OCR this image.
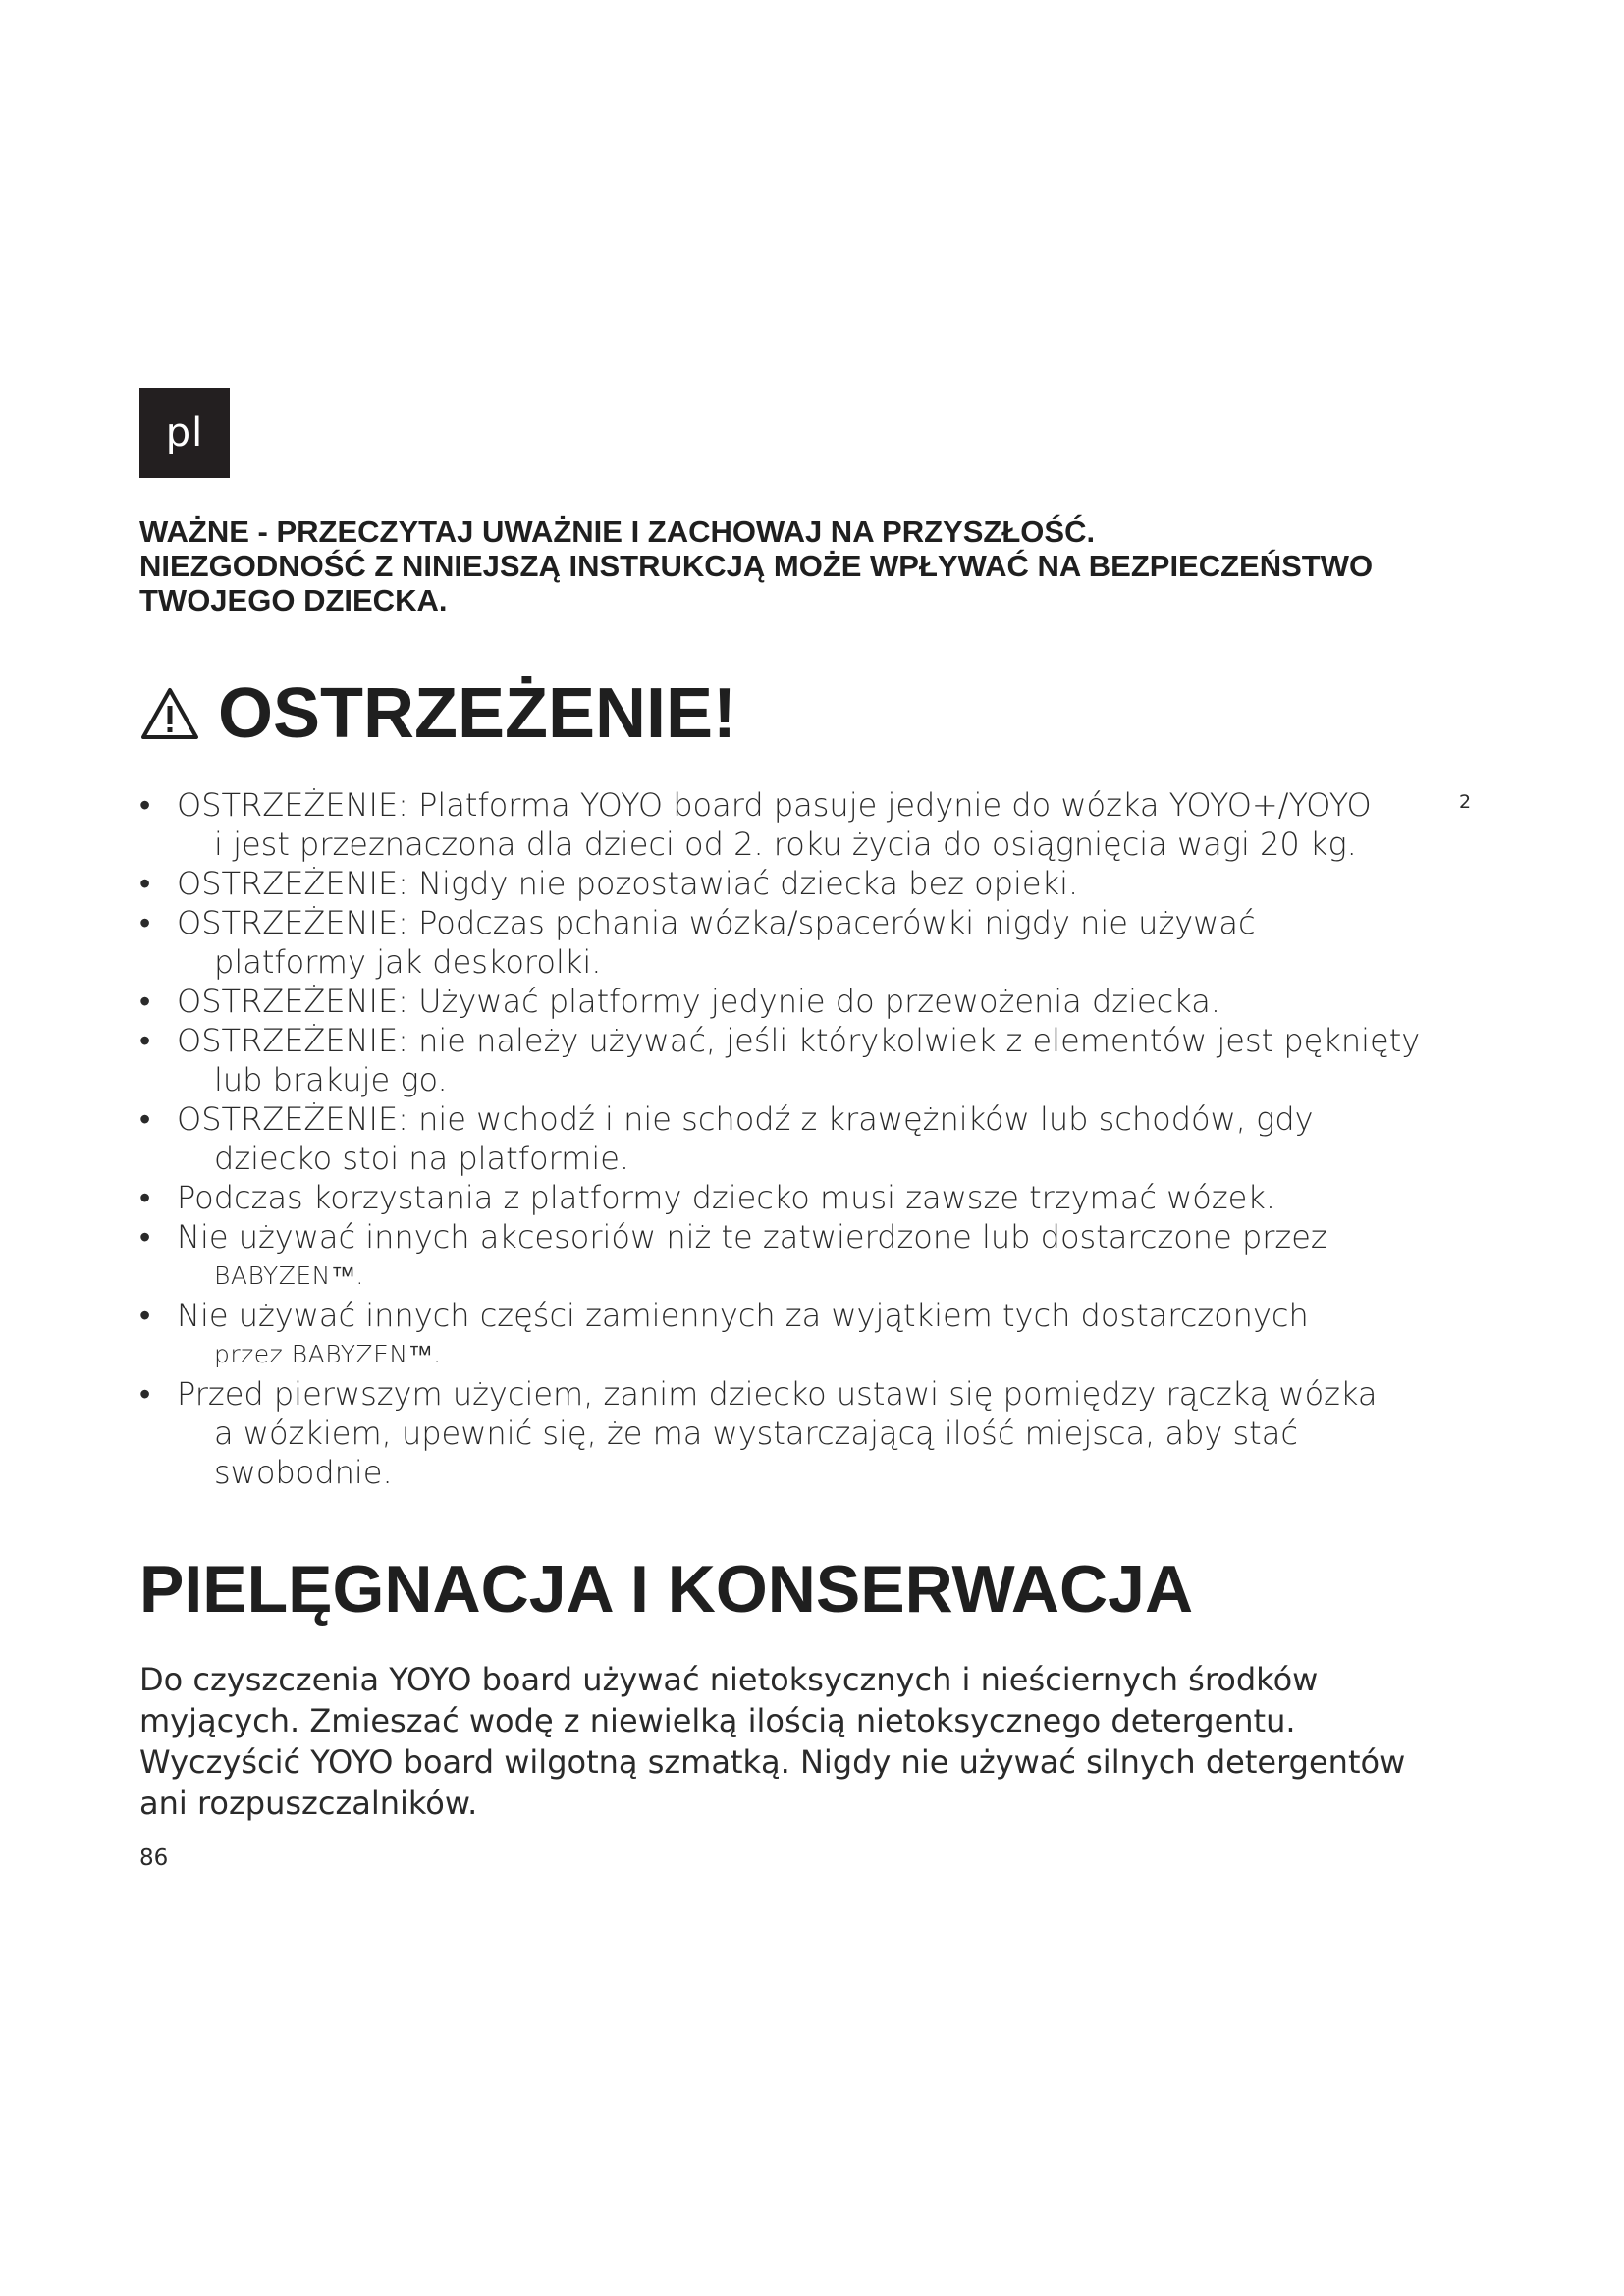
pl
WAŻNE - PRZECZYTAJ UWAŻNIE I ZACHOWAJ NA PRZYSZŁOŚĆ.
NIEZGODNOŚĆ Z NINIEJSZĄ INSTRUKCJĄ MOŻE WPŁYWAĆ NA BEZPIECZEŃSTWO
TWOJEGO DZIECKA.
OSTRZEŻENIE!
2
• OSTRZEŻENIE: Platforma YOYO board pasuje jedynie do wózka YOYO+/YOYO
i jest przeznaczona dla dzieci od 2. roku życia do osiągnięcia wagi 20 kg.
• OSTRZEŻENIE: Nigdy nie pozostawiać dziecka bez opieki.
• OSTRZEŻENIE: Podczas pchania wózka/spacerówki nigdy nie używać
platformy jak deskorolki.
• OSTRZEŻENIE: Używać platformy jedynie do przewożenia dziecka.
• OSTRZEŻENIE: nie należy używać, jeśli którykolwiek z elementów jest pęknięty
lub brakuje go.
• OSTRZEŻENIE: nie wchodź i nie schodź z krawężników lub schodów, gdy
dziecko stoi na platformie.
• Podczas korzystania z platformy dziecko musi zawsze trzymać wózek.
• Nie używać innych akcesoriów niż te zatwierdzone lub dostarczone przez
BABYZEN™.
• Nie używać innych części zamiennych za wyjątkiem tych dostarczonych
przez BABYZEN™.
• Przed pierwszym użyciem, zanim dziecko ustawi się pomiędzy rączką wózka
a wózkiem, upewnić się, że ma wystarczającą ilość miejsca, aby stać
swobodnie.
PIELĘGNACJA I KONSERWACJA
Do czyszczenia YOYO board używać nietoksycznych i nieściernych środków
myjących. Zmieszać wodę z niewielką ilością nietoksycznego detergentu.
Wyczyścić YOYO board wilgotną szmatką. Nigdy nie używać silnych detergentów
ani rozpuszczalników.
86
